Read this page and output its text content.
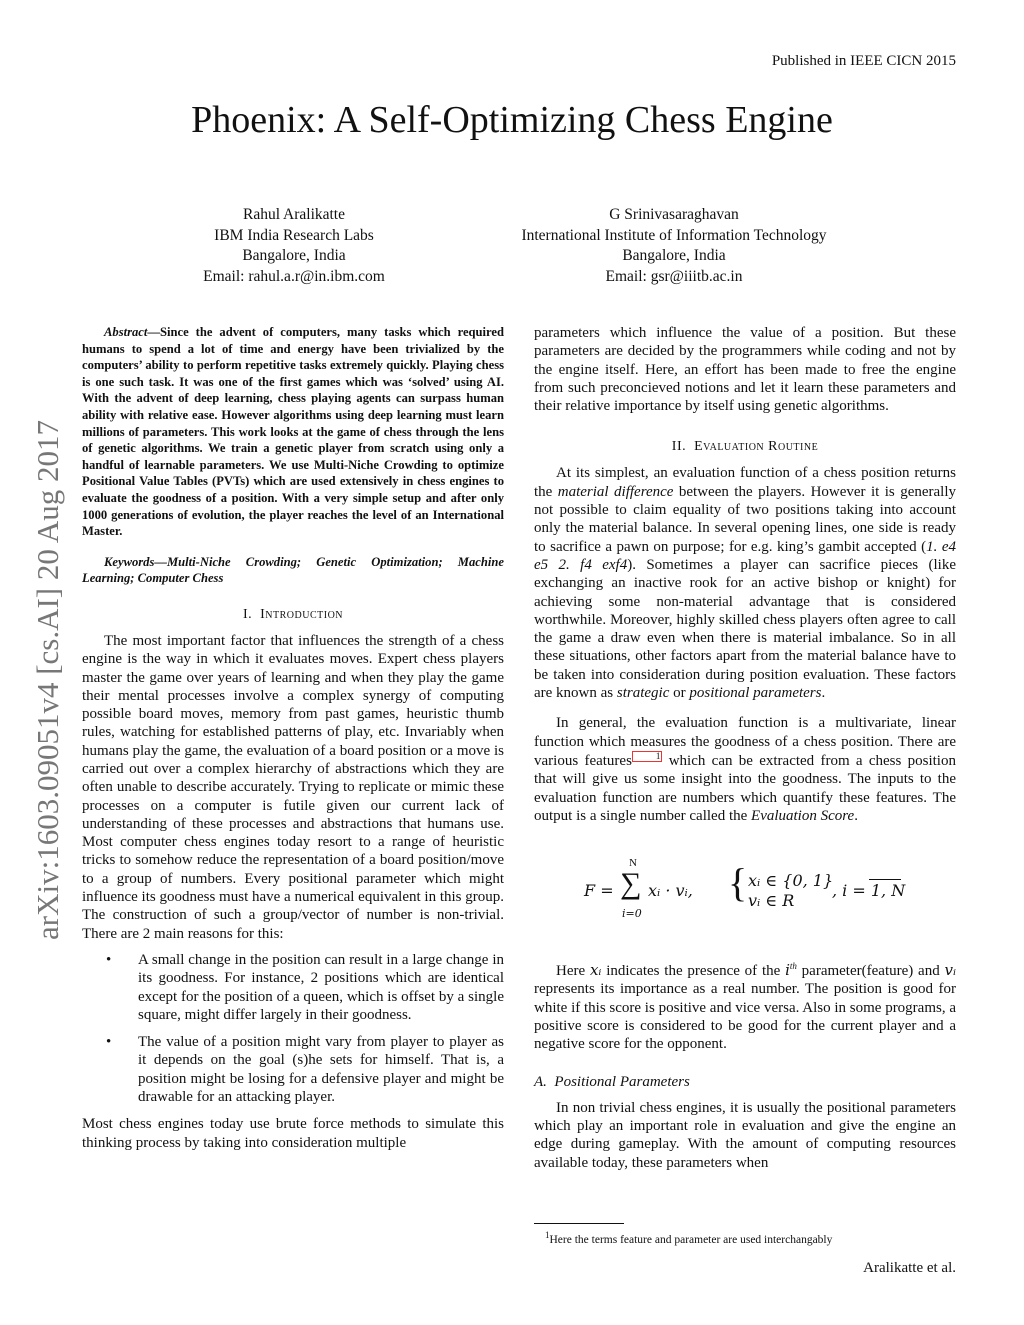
Published in IEEE CICN 2015
Phoenix: A Self-Optimizing Chess Engine
Rahul Aralikatte
IBM India Research Labs
Bangalore, India
Email: rahul.a.r@in.ibm.com
G Srinivasaraghavan
International Institute of Information Technology
Bangalore, India
Email: gsr@iiitb.ac.in
arXiv:1603.09051v4 [cs.AI] 20 Aug 2017

Abstract—Since the advent of computers, many tasks which required humans to spend a lot of time and energy have been trivialized by the computers’ ability to perform repetitive tasks extremely quickly. Playing chess is one such task. It was one of the first games which was ‘solved’ using AI. With the advent of deep learning, chess playing agents can surpass human ability with relative ease. However algorithms using deep learning must learn millions of parameters. This work looks at the game of chess through the lens of genetic algorithms. We train a genetic player from scratch using only a handful of learnable parameters. We use Multi-Niche Crowding to optimize Positional Value Tables (PVTs) which are used extensively in chess engines to evaluate the goodness of a position. With a very simple setup and after only 1000 generations of evolution, the player reaches the level of an International Master.

Keywords—Multi-Niche Crowding; Genetic Optimization; Machine Learning; Computer Chess

I. Introduction

The most important factor that influences the strength of a chess engine is the way in which it evaluates moves. Expert chess players master the game over years of learning and when they play the game their mental processes involve a complex synergy of computing possible board moves, memory from past games, heuristic thumb rules, watching for established patterns of play, etc. Invariably when humans play the game, the evaluation of a board position or a move is carried out over a complex hierarchy of abstractions which they are often unable to describe accurately. Trying to replicate or mimic these processes on a computer is futile given our current lack of understanding of these processes and abstractions that humans use. Most computer chess engines today resort to a range of heuristic tricks to somehow reduce the representation of a board position/move to a group of numbers. Every positional parameter which might influence its goodness must have a numerical equivalent in this group. The construction of such a group/vector of number is non-trivial. There are 2 main reasons for this:

• A small change in the position can result in a large change in its goodness. For instance, 2 positions which are identical except for the position of a queen, which is offset by a single square, might differ largely in their goodness.
• The value of a position might vary from player to player as it depends on the goal (s)he sets for himself. That is, a position might be losing for a defensive player and might be drawable for an attacking player.

Most chess engines today use brute force methods to simulate this thinking process by taking into consideration multiple

parameters which influence the value of a position. But these parameters are decided by the programmers while coding and not by the engine itself. Here, an effort has been made to free the engine from such preconcieved notions and let it learn these parameters and their relative importance by itself using genetic algorithms.

II. Evaluation Routine

At its simplest, an evaluation function of a chess position returns the material difference between the players. However it is generally not possible to claim equality of two positions taking into account only the material balance. In several opening lines, one side is ready to sacrifice a pawn on purpose; for e.g. king’s gambit accepted (1. e4 e5 2. f4 exf4). Sometimes a player can sacrifice pieces (like exchanging an inactive rook for an active bishop or knight) for achieving some non-material advantage that is considered worthwhile. Moreover, highly skilled chess players often agree to call the game a draw even when there is material imbalance. So in all these situations, other factors apart from the material balance have to be taken into consideration during position evaluation. These factors are known as strategic or positional parameters.

In general, the evaluation function is a multivariate, linear function which measures the goodness of a chess position. There are various features	1 which can be extracted from a chess position that will give us some insight into the goodness. The inputs to the evaluation function are numbers which quantify these features. The output is a single number called the Evaluation Score.

F =
N
∑
i=0
xᵢ · vᵢ, { xᵢ ∈ {0, 1}
vᵢ ∈ R
, i = 1, N

Here xᵢ indicates the presence of the $i^{th}$ parameter(feature) and vᵢ represents its importance as a real number. The position is good for white if this score is positive and vice versa. Also in some programs, a positive score is considered to be good for the current player and a negative score for the opponent.

A. Positional Parameters

In non trivial chess engines, it is usually the positional parameters which play an important role in evaluation and give the engine an edge during gameplay. With the amount of computing resources available today, these parameters when

$^1$Here the terms feature and parameter are used interchangably
Aralikatte et al.
